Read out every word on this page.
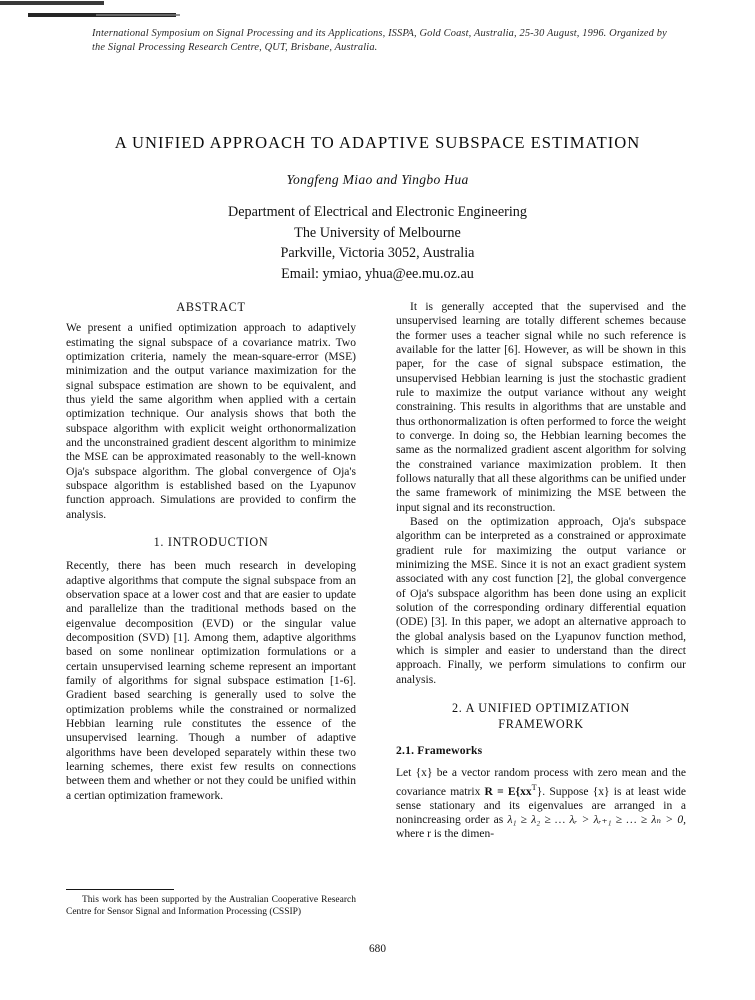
International Symposium on Signal Processing and its Applications, ISSPA, Gold Coast, Australia, 25-30 August, 1996. Organized by the Signal Processing Research Centre, QUT, Brisbane, Australia.
A UNIFIED APPROACH TO ADAPTIVE SUBSPACE ESTIMATION
Yongfeng Miao and Yingbo Hua
Department of Electrical and Electronic Engineering
The University of Melbourne
Parkville, Victoria 3052, Australia
Email: ymiao, yhua@ee.mu.oz.au
ABSTRACT

We present a unified optimization approach to adaptively estimating the signal subspace of a covariance matrix. Two optimization criteria, namely the mean-square-error (MSE) minimization and the output variance maximization for the signal subspace estimation are shown to be equivalent, and thus yield the same algorithm when applied with a certain optimization technique. Our analysis shows that both the subspace algorithm with explicit weight orthonormalization and the unconstrained gradient descent algorithm to minimize the MSE can be approximated reasonably to the well-known Oja's subspace algorithm. The global convergence of Oja's subspace algorithm is established based on the Lyapunov function approach. Simulations are provided to confirm the analysis.

1. INTRODUCTION

Recently, there has been much research in developing adaptive algorithms that compute the signal subspace from an observation space at a lower cost and that are easier to update and parallelize than the traditional methods based on the eigenvalue decomposition (EVD) or the singular value decomposition (SVD) [1]. Among them, adaptive algorithms based on some nonlinear optimization formulations or a certain unsupervised learning scheme represent an important family of algorithms for signal subspace estimation [1-6]. Gradient based searching is generally used to solve the optimization problems while the constrained or normalized Hebbian learning rule constitutes the essence of the unsupervised learning. Though a number of adaptive algorithms have been developed separately within these two learning schemes, there exist few results on connections between them and whether or not they could be unified within a certian optimization framework.

This work has been supported by the Australian Cooperative Research Centre for Sensor Signal and Information Processing (CSSIP)

It is generally accepted that the supervised and the unsupervised learning are totally different schemes because the former uses a teacher signal while no such reference is available for the latter [6]. However, as will be shown in this paper, for the case of signal subspace estimation, the unsupervised Hebbian learning is just the stochastic gradient rule to maximize the output variance without any weight constraining. This results in algorithms that are unstable and thus orthonormalization is often performed to force the weight to converge. In doing so, the Hebbian learning becomes the same as the normalized gradient ascent algorithm for solving the constrained variance maximization problem. It then follows naturally that all these algorithms can be unified under the same framework of minimizing the MSE between the input signal and its reconstruction.

Based on the optimization approach, Oja's subspace algorithm can be interpreted as a constrained or approximate gradient rule for maximizing the output variance or minimizing the MSE. Since it is not an exact gradient system associated with any cost function [2], the global convergence of Oja's subspace algorithm has been done using an explicit solution of the corresponding ordinary differential equation (ODE) [3]. In this paper, we adopt an alternative approach to the global analysis based on the Lyapunov function method, which is simpler and easier to understand than the direct approach. Finally, we perform simulations to confirm our analysis.

2. A UNIFIED OPTIMIZATION
FRAMEWORK
2.1. Frameworks

Let {x} be a vector random process with zero mean and the covariance matrix $R = E\{xx^T\}$. Suppose {x} is at least wide sense stationary and its eigenvalues are arranged in a nonincreasing order as λ₁ ≥ λ₂ ≥ … λᵣ > λᵣ₊₁ ≥ … ≥ λₙ > 0, where r is the dimen-

680
